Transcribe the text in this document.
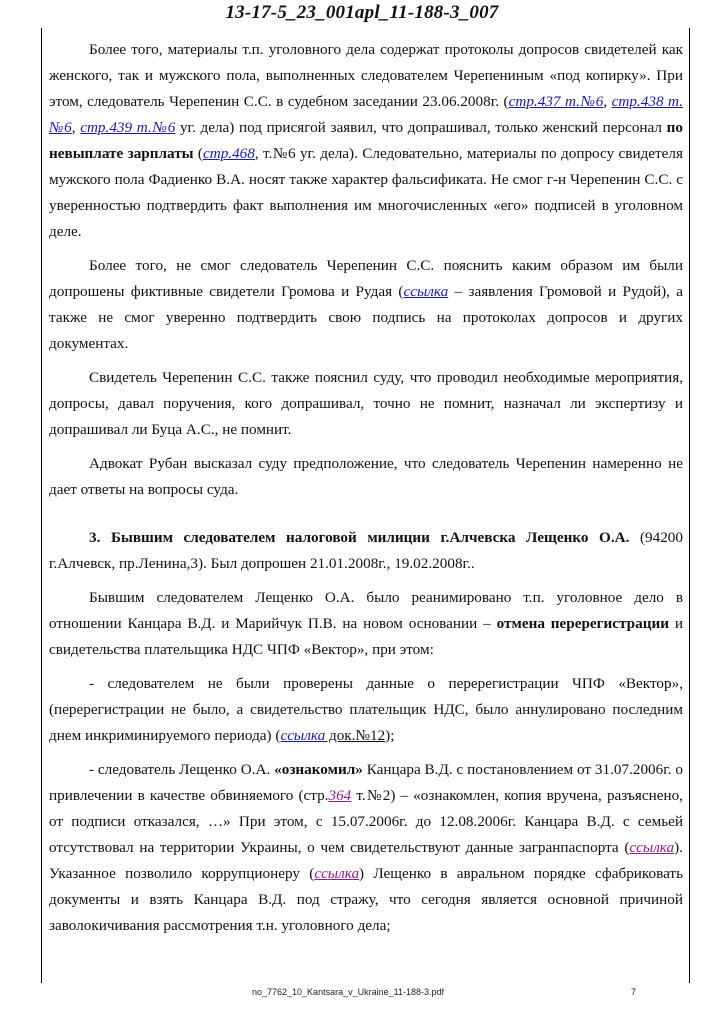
13-17-5_23_001apl_11-188-3_007

Более того, материалы т.п. уголовного дела содержат протоколы допросов свидетелей как женского, так и мужского пола, выполненных следователем Черепениным «под копирку». При этом, следователь Черепенин С.С. в судебном заседании 23.06.2008г. (стр.437 т.№6, стр.438 т.№6, стр.439 т.№6 уг. дела) под присягой заявил, что допрашивал, только женский персонал по невыплате зарплаты (стр.468, т.№6 уг. дела). Следовательно, материалы по допросу свидетеля мужского пола Фадиенко В.А. носят также характер фальсификата. Не смог г-н Черепенин С.С. с уверенностью подтвердить факт выполнения им многочисленных «его» подписей в уголовном деле.

Более того, не смог следователь Черепенин С.С. пояснить каким образом им были допрошены фиктивные свидетели Громова и Рудая (ссылка – заявления Громовой и Рудой), а также не смог уверенно подтвердить свою подпись на протоколах допросов и других документах.

Свидетель Черепенин С.С. также пояснил суду, что проводил необходимые мероприятия, допросы, давал поручения, кого допрашивал, точно не помнит, назначал ли экспертизу и допрашивал ли Буца А.С., не помнит.

Адвокат Рубан высказал суду предположение, что следователь Черепенин намеренно не дает ответы на вопросы суда.

3. Бывшим следователем налоговой милиции г.Алчевска Лещенко О.А. (94200 г.Алчевск, пр.Ленина,3). Был допрошен 21.01.2008г., 19.02.2008г..

Бывшим следователем Лещенко О.А. было реанимировано т.п. уголовное дело в отношении Канцара В.Д. и Марийчук П.В. на новом основании – отмена перерегистрации и свидетельства плательщика НДС ЧПФ «Вектор», при этом:

- следователем не были проверены данные о перерегистрации ЧПФ «Вектор», (перерегистрации не было, а свидетельство плательщик НДС, было аннулировано последним днем инкриминируемого периода) (ссылка док.№12);

- следователь Лещенко О.А. «ознакомил» Канцара В.Д. с постановлением от 31.07.2006г. о привлечении в качестве обвиняемого (стр.364 т.№2) – «ознакомлен, копия вручена, разъяснено, от подписи отказался, …» При этом, с 15.07.2006г. до 12.08.2006г. Канцара В.Д. с семьей отсутствовал на территории Украины, о чем свидетельствуют данные загранпаспорта (ссылка). Указанное позволило коррупционеру (ссылка) Лещенко в авральном порядке сфабриковать документы и взять Канцара В.Д. под стражу, что сегодня является основной причиной заволокичивания рассмотрения т.н. уголовного дела;

no_7762_10_Kantsara_v_Ukraine_11-188-3.pdf	7
